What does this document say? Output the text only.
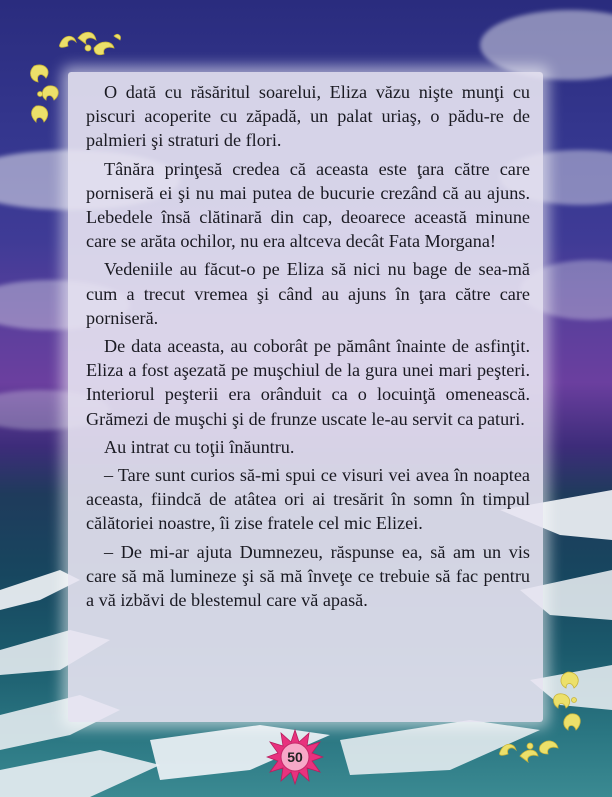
O dată cu răsăritul soarelui, Eliza văzu nişte munţi cu piscuri acoperite cu zăpadă, un palat uriaş, o pădu-re de palmieri şi straturi de flori.

Tânăra prinţesă credea că aceasta este ţara către care porniseră ei şi nu mai putea de bucurie crezând că au ajuns. Lebedele însă clătinară din cap, deoarece această minune care se arăta ochilor, nu era altceva decât Fata Morgana!

Vedeniile au făcut-o pe Eliza să nici nu bage de sea-mă cum a trecut vremea şi când au ajuns în ţara către care porniseră.

De data aceasta, au coborât pe pământ înainte de asfinţit. Eliza a fost aşezată pe muşchiul de la gura unei mari peşteri. Interiorul peşterii era orânduit ca o locuinţă omenească. Grămezi de muşchi şi de frunze uscate le-au servit ca paturi.

Au intrat cu toţii înăuntru.

– Tare sunt curios să-mi spui ce visuri vei avea în noaptea aceasta, fiindcă de atâtea ori ai tresărit în somn în timpul călătoriei noastre, îi zise fratele cel mic Elizei.

– De mi-ar ajuta Dumnezeu, răspunse ea, să am un vis care să mă lumineze şi să mă înveţe ce trebuie să fac pentru a vă izbăvi de blestemul care vă apasă.

50
